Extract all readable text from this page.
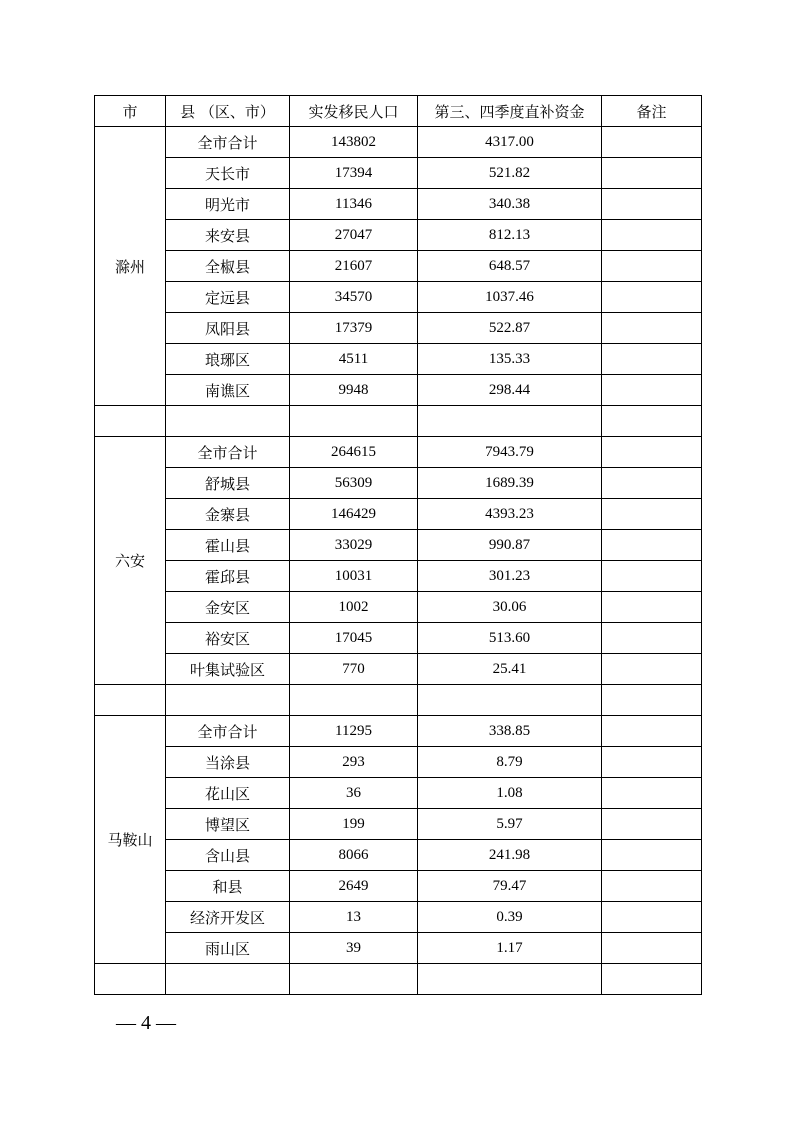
市	县 （区、市）	实发移民人口	第三、四季度直补资金	备注
滁州	全市合计	143802	4317.00	
	天长市	17394	521.82	
	明光市	11346	340.38	
	来安县	27047	812.13	
	全椒县	21607	648.57	
	定远县	34570	1037.46	
	凤阳县	17379	522.87	
	琅琊区	4511	135.33	
	南谯区	9948	298.44	

六安	全市合计	264615	7943.79	
	舒城县	56309	1689.39	
	金寨县	146429	4393.23	
	霍山县	33029	990.87	
	霍邱县	10031	301.23	
	金安区	1002	30.06	
	裕安区	17045	513.60	
	叶集试验区	770	25.41	

马鞍山	全市合计	11295	338.85	
	当涂县	293	8.79	
	花山区	36	1.08	
	博望区	199	5.97	
	含山县	8066	241.98	
	和县	2649	79.47	
	经济开发区	13	0.39	
	雨山区	39	1.17	

— 4 —
